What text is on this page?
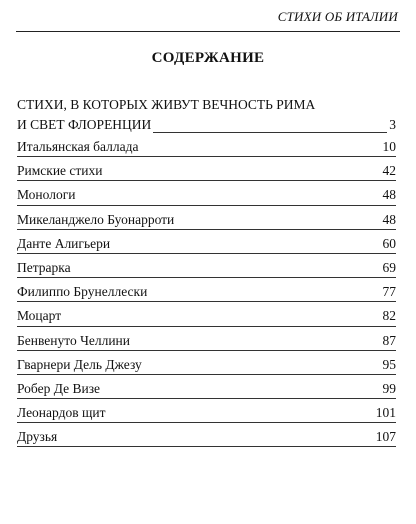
СТИХИ ОБ ИТАЛИИ
СОДЕРЖАНИЕ
СТИХИ, В КОТОРЫХ ЖИВУТ ВЕЧНОСТЬ РИМА
И СВЕТ ФЛОРЕНЦИИ	3
Итальянская баллада	10
Римские стихи	42
Монологи	48
Микеланджело Буонарроти	48
Данте Алигьери	60
Петрарка	69
Филиппо Брунеллески	77
Моцарт	82
Бенвенуто Челлини	87
Гварнери Дель Джезу	95
Робер Де Визе	99
Леонардов щит	101
Друзья	107
